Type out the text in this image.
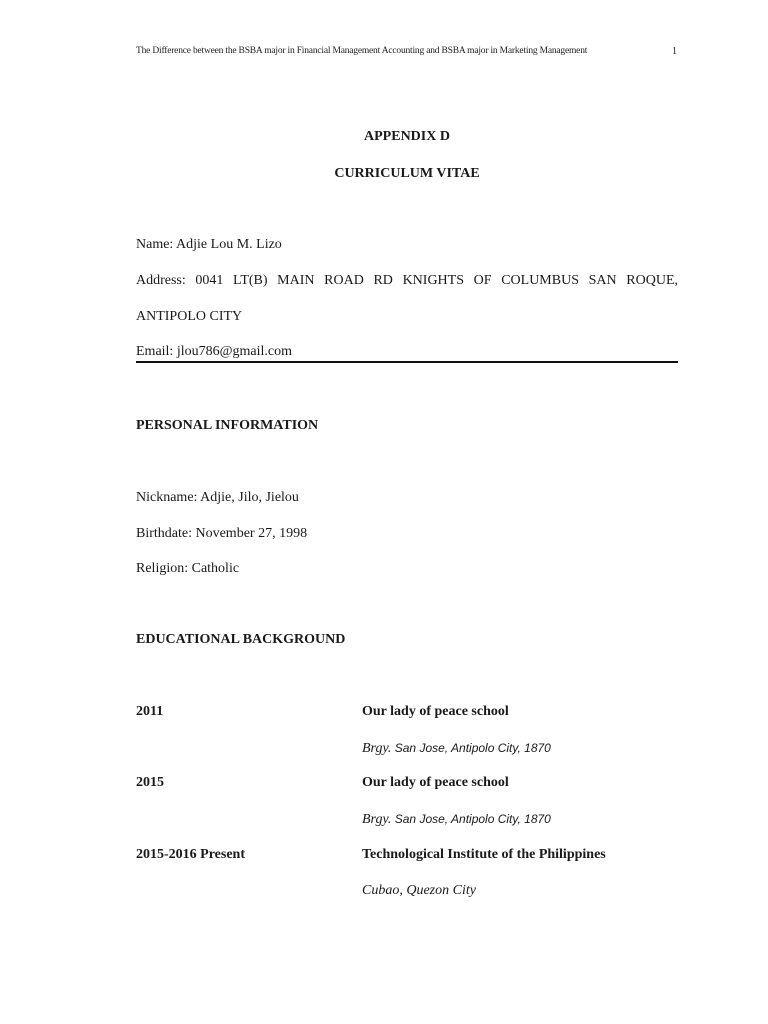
The Difference between the BSBA major in Financial Management Accounting and BSBA major in Marketing Management	1
APPENDIX D
CURRICULUM VITAE
Name: Adjie Lou M. Lizo
Address: 0041 LT(B) MAIN ROAD RD KNIGHTS OF COLUMBUS SAN ROQUE,
ANTIPOLO CITY
Email: jlou786@gmail.com
PERSONAL INFORMATION
Nickname: Adjie, Jilo, Jielou
Birthdate: November 27, 1998
Religion: Catholic
EDUCATIONAL BACKGROUND
2011	Our lady of peace school
Brgy. San Jose, Antipolo City, 1870
2015	Our lady of peace school
Brgy. San Jose, Antipolo City, 1870
2015-2016 Present	Technological Institute of the Philippines
Cubao, Quezon City
